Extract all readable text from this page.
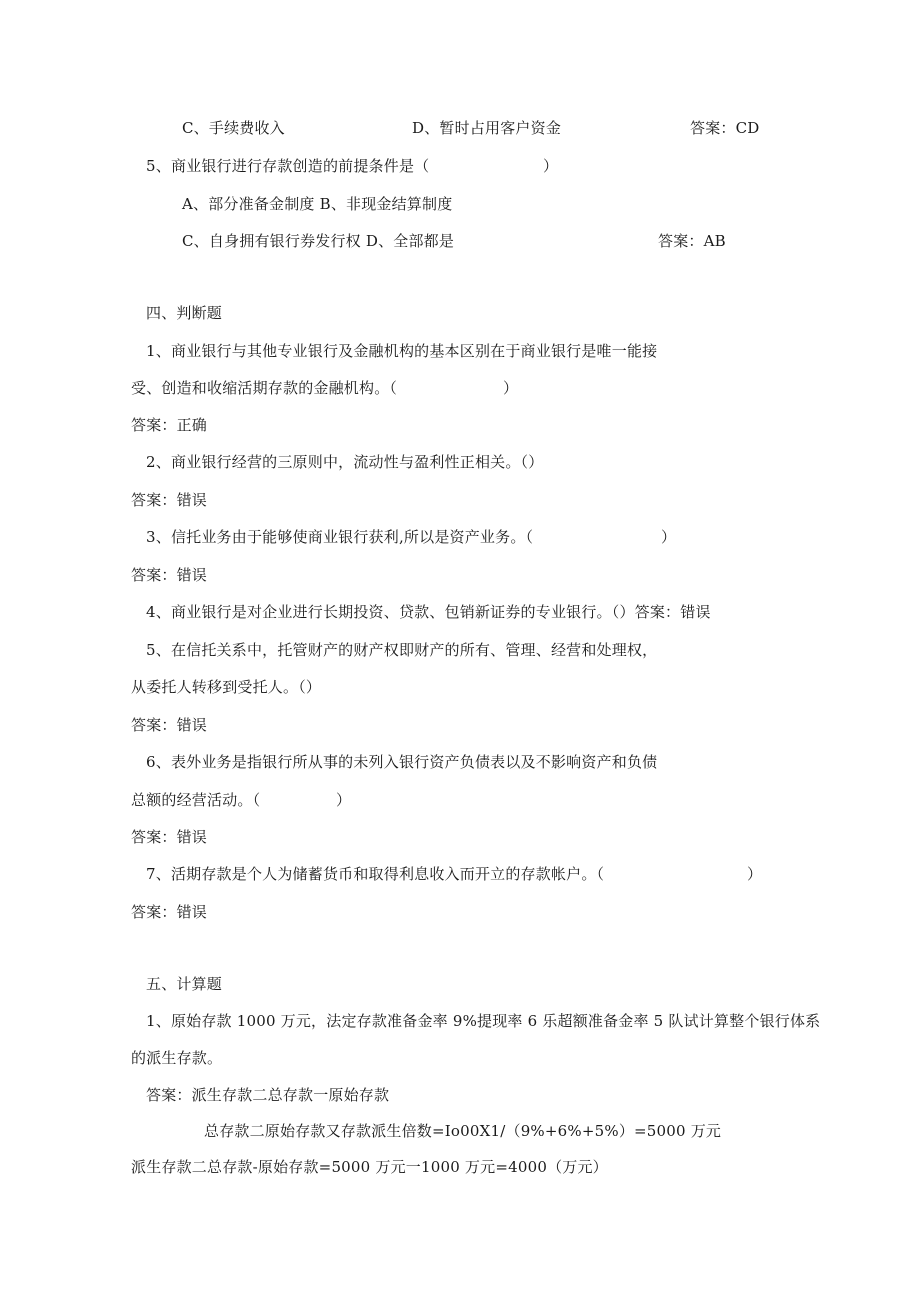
C、手续费收入	D、暂时占用客户资金	答案：CD
5、商业银行进行存款创造的前提条件是（	）
A、部分准备金制度 B、非现金结算制度
C、自身拥有银行券发行权 D、全部都是	答案：AB
四、判断题
1、商业银行与其他专业银行及金融机构的基本区别在于商业银行是唯一能接
受、创造和收缩活期存款的金融机构。（	）
答案：正确
2、商业银行经营的三原则中，流动性与盈利性正相关。（）
答案：错误
3、信托业务由于能够使商业银行获利,所以是资产业务。（	）
答案：错误
4、商业银行是对企业进行长期投资、贷款、包销新证券的专业银行。（）答案：错误
5、在信托关系中，托管财产的财产权即财产的所有、管理、经营和处理权，
从委托人转移到受托人。（）
答案：错误
6、表外业务是指银行所从事的未列入银行资产负债表以及不影响资产和负债
总额的经营活动。（	）
答案：错误
7、活期存款是个人为储蓄货币和取得利息收入而开立的存款帐户。（	）
答案：错误
五、计算题
1、原始存款 1000 万元，法定存款准备金率 9%提现率 6 乐超额准备金率 5 队试计算整个银行体系
的派生存款。
答案：派生存款二总存款一原始存款
总存款二原始存款又存款派生倍数=Io00X1/（9%+6%+5%）=5000 万元
派生存款二总存款-原始存款=5000 万元一1000 万元=4000（万元）
